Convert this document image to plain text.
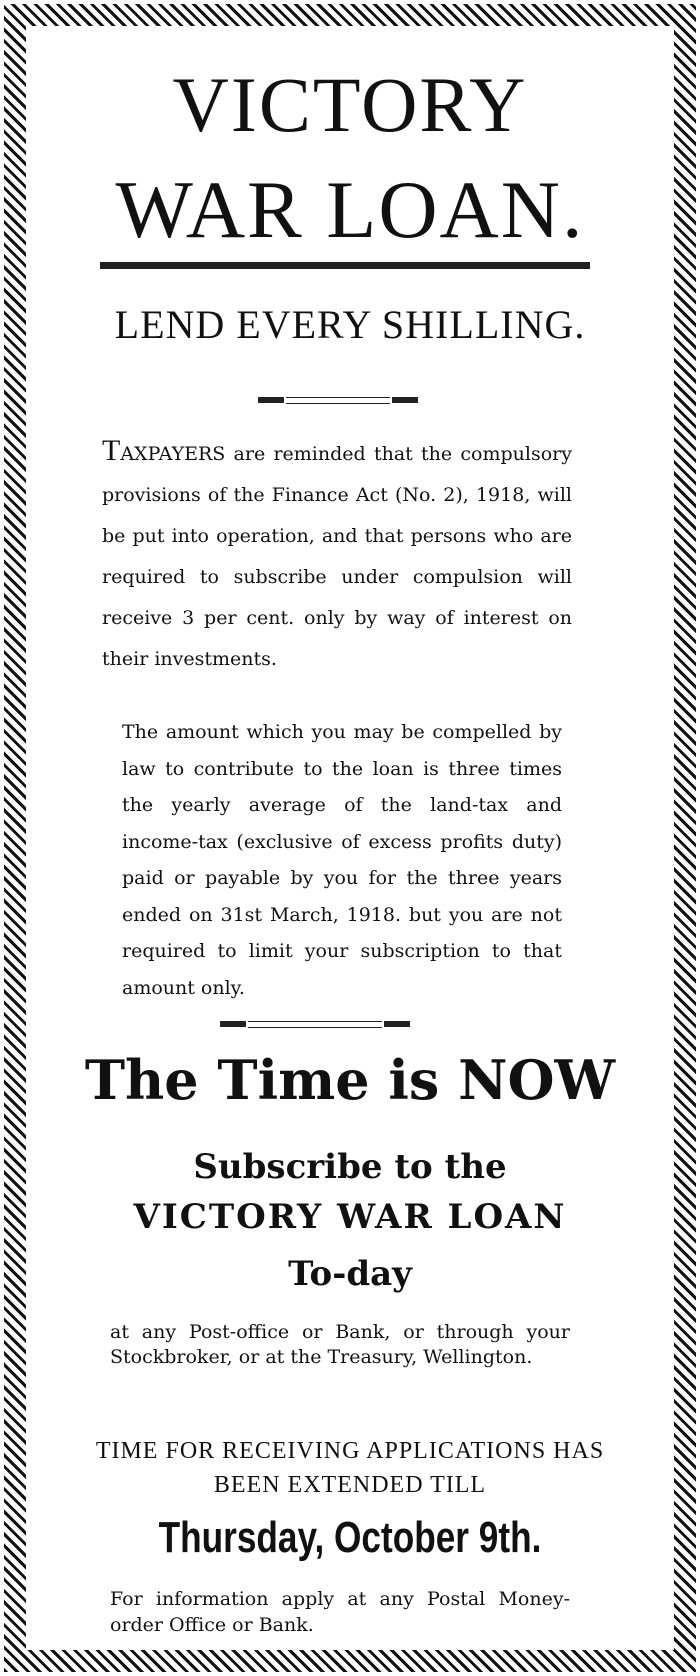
VICTORY
WAR LOAN.
LEND EVERY SHILLING.

TAXPAYERS are reminded that the compulsory provisions of the Finance Act (No. 2), 1918, will be put into operation, and that persons who are required to subscribe under compulsion will receive 3 per cent. only by way of interest on their investments.

The amount which you may be compelled by law to contribute to the loan is three times the yearly average of the land-tax and income-tax (exclusive of excess profits duty) paid or payable by you for the three years ended on 31st March, 1918. but you are not required to limit your subscription to that amount only.

The Time is NOW
Subscribe to the
VICTORY WAR LOAN
To-day

at any Post-office or Bank, or through your Stockbroker, or at the Treasury, Wellington.

TIME FOR RECEIVING APPLICATIONS HAS
BEEN EXTENDED TILL
Thursday, October 9th.

For information apply at any Postal Money-order Office or Bank.
